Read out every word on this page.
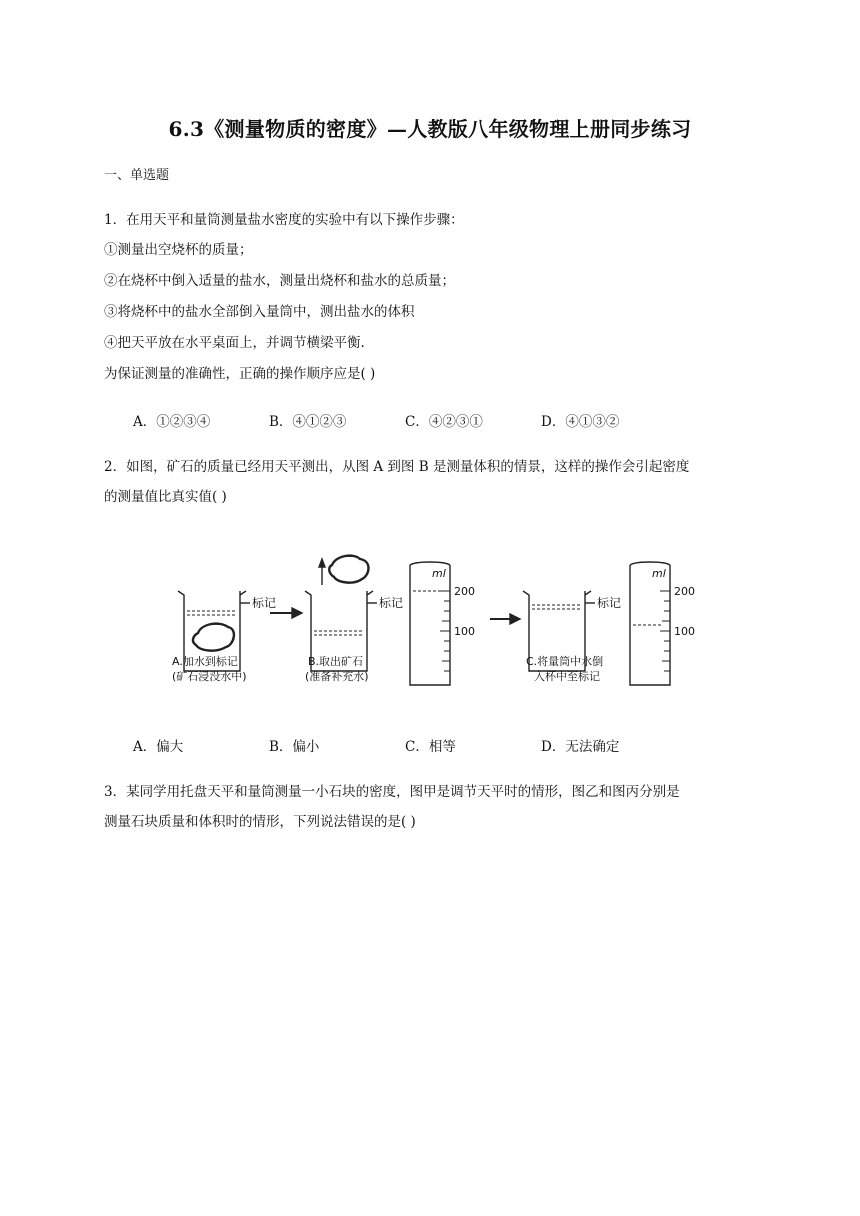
6.3《测量物质的密度》—人教版八年级物理上册同步练习
一、单选题
1．在用天平和量筒测量盐水密度的实验中有以下操作步骤：
①测量出空烧杯的质量；
②在烧杯中倒入适量的盐水，测量出烧杯和盐水的总质量；
③将烧杯中的盐水全部倒入量筒中，测出盐水的体积
④把天平放在水平桌面上，并调节横梁平衡.
为保证测量的准确性，正确的操作顺序应是( )
A．①②③④	B．④①②③	C．④②③①	D．④①③②
2．如图，矿石的质量已经用天平测出，从图 A 到图 B 是测量体积的情景，这样的操作会引起密度
的测量值比真实值( )
标记	标记	标记
A.加水到标记
(矿石浸没水中)
B.取出矿石
(准备补充水)
C.将量筒中水倒
入杯中至标记
ml
200
100
ml
200
100
A．偏大	B．偏小	C．相等	D．无法确定
3．某同学用托盘天平和量筒测量一小石块的密度，图甲是调节天平时的情形，图乙和图丙分别是
测量石块质量和体积时的情形，下列说法错误的是( )
